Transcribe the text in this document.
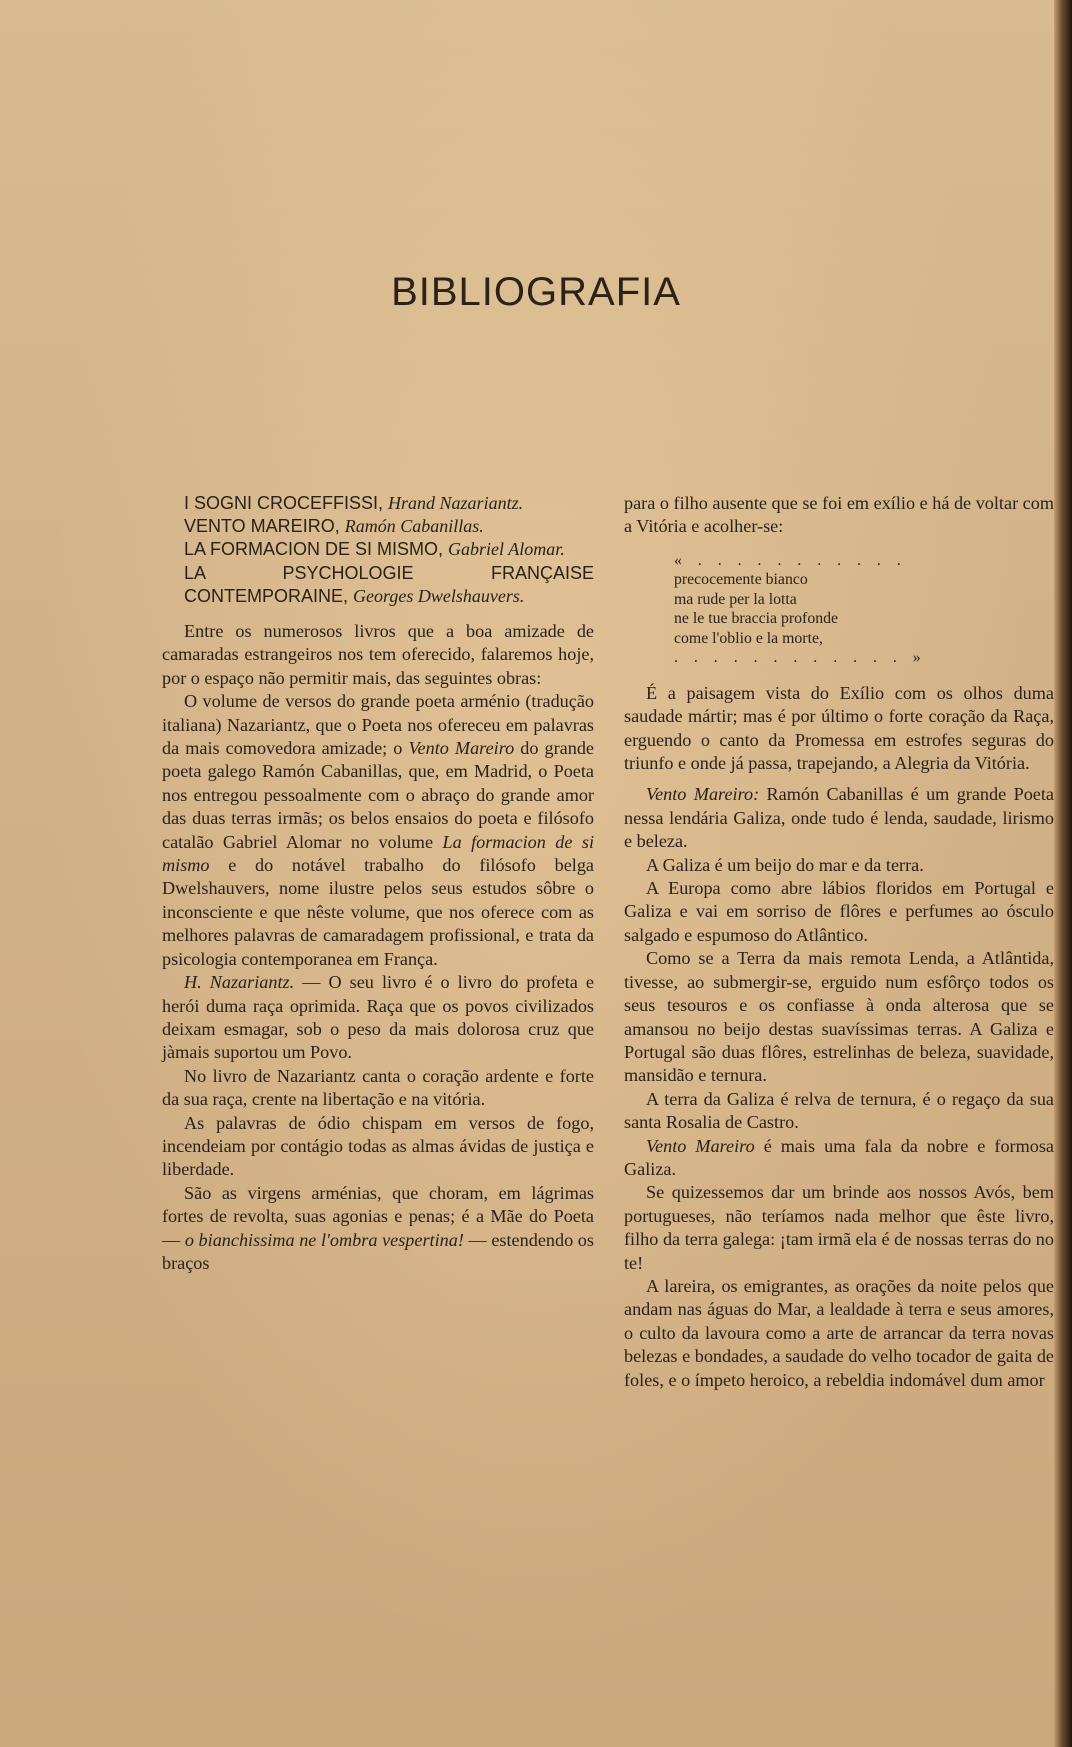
BIBLIOGRAFIA

I SOGNI CROCEFFISSI, Hrand Nazariantz.

VENTO MAREIRO, Ramón Cabanillas.

LA FORMACION DE SI MISMO, Gabriel Alomar.

LA PSYCHOLOGIE FRANÇAISE CONTEMPORAINE, Georges Dwelshauvers.

Entre os numerosos livros que a boa amizade de camaradas estrangeiros nos tem oferecido, falaremos hoje, por o espaço não permitir mais, das seguintes obras:

O volume de versos do grande poeta arménio (tradução italiana) Nazariantz, que o Poeta nos ofereceu em palavras da mais comovedora amizade; o Vento Mareiro do grande poeta galego Ramón Cabanillas, que, em Madrid, o Poeta nos entregou pessoalmente com o abraço do grande amor das duas terras irmãs; os belos ensaios do poeta e filósofo catalão Gabriel Alomar no volume La formacion de si mismo e do notável trabalho do filósofo belga Dwelshauvers, nome ilustre pelos seus estudos sôbre o inconsciente e que nêste volume, que nos oferece com as melhores palavras de camaradagem profissional, e trata da psicologia contemporanea em França.

H. Nazariantz. — O seu livro é o livro do profeta e herói duma raça oprimida. Raça que os povos civilizados deixam esmagar, sob o peso da mais dolorosa cruz que jàmais suportou um Povo.

No livro de Nazariantz canta o coração ardente e forte da sua raça, crente na libertação e na vitória.

As palavras de ódio chispam em versos de fogo, incendeiam por contágio todas as almas ávidas de justiça e liberdade.

São as virgens arménias, que choram, em lágrimas fortes de revolta, suas agonias e penas; é a Mãe do Poeta — o bianchissima ne l'ombra vespertina! — estendendo os braços

para o filho ausente que se foi em exílio e há de voltar com a Vitória e acolher-se:

« . . . . . . . . . . .
precocemente bianco
ma rude per la lotta
ne le tue braccia profonde
come l'oblio e la morte,
. . . . . . . . . . . . »

É a paisagem vista do Exílio com os olhos duma saudade mártir; mas é por último o forte coração da Raça, erguendo o canto da Promessa em estrofes seguras do triunfo e onde já passa, trapejando, a Alegria da Vitória.

Vento Mareiro: Ramón Cabanillas é um grande Poeta nessa lendária Galiza, onde tudo é lenda, saudade, lirismo e beleza.

A Galiza é um beijo do mar e da terra.

A Europa como abre lábios floridos em Portugal e Galiza e vai em sorriso de flôres e perfumes ao ósculo salgado e espumoso do Atlântico.

Como se a Terra da mais remota Lenda, a Atlântida, tivesse, ao submergir-se, erguido num esfôrço todos os seus tesouros e os confiasse à onda alterosa que se amansou no beijo destas suavíssimas terras. A Galiza e Portugal são duas flôres, estrelinhas de beleza, suavidade, mansidão e ternura.

A terra da Galiza é relva de ternura, é o regaço da sua santa Rosalia de Castro.

Vento Mareiro é mais uma fala da nobre e formosa Galiza.

Se quizessemos dar um brinde aos nossos Avós, bem portugueses, não teríamos nada melhor que êste livro, filho da terra galega: ¡tam irmã ela é de nossas terras do no te!

A lareira, os emigrantes, as orações da noite pelos que andam nas águas do Mar, a lealdade à terra e seus amores, o culto da lavoura como a arte de arrancar da terra novas belezas e bondades, a saudade do velho tocador de gaita de foles, e o ímpeto heroico, a rebeldia indomável dum amor
